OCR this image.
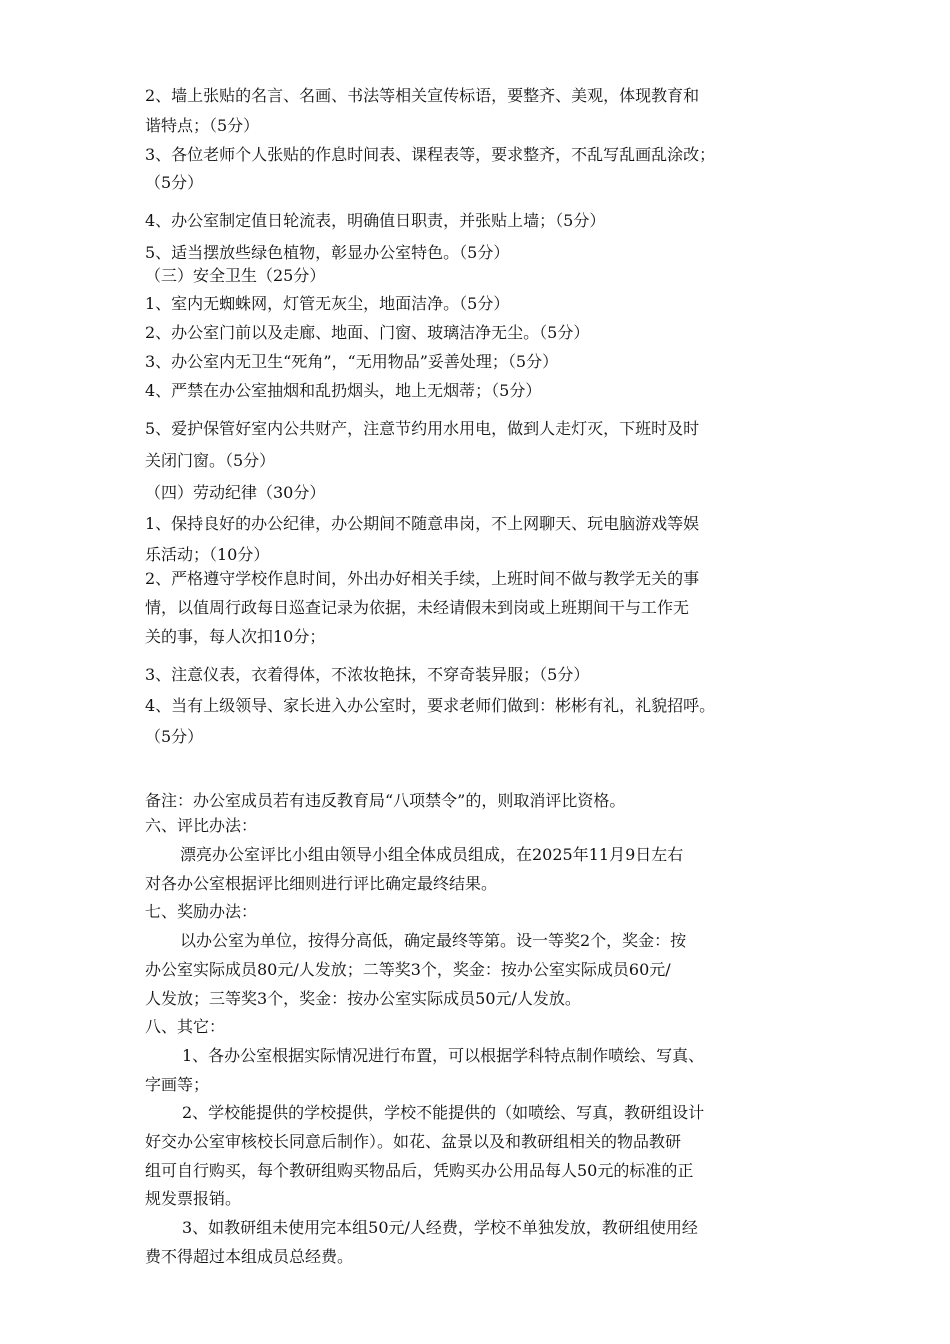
2、墙上张贴的名言、名画、书法等相关宣传标语，要整齐、美观，体现教育和
谐特点；（5分）
3、各位老师个人张贴的作息时间表、课程表等，要求整齐，不乱写乱画乱涂改；
（5分）
4、办公室制定值日轮流表，明确值日职责，并张贴上墙；（5分）
5、适当摆放些绿色植物，彰显办公室特色。（5分）
（三）安全卫生（25分）
1、室内无蜘蛛网，灯管无灰尘，地面洁净。（5分）
2、办公室门前以及走廊、地面、门窗、玻璃洁净无尘。（5分）
3、办公室内无卫生“死角”，“无用物品”妥善处理；（5分）
4、严禁在办公室抽烟和乱扔烟头，地上无烟蒂；（5分）
5、爱护保管好室内公共财产，注意节约用水用电，做到人走灯灭，下班时及时
关闭门窗。（5分）
（四）劳动纪律（30分）
1、保持良好的办公纪律，办公期间不随意串岗，不上网聊天、玩电脑游戏等娱
乐活动；（10分）
2、严格遵守学校作息时间，外出办好相关手续，上班时间不做与教学无关的事
情，以值周行政每日巡查记录为依据，未经请假未到岗或上班期间干与工作无
关的事，每人次扣10分；
3、注意仪表，衣着得体，不浓妆艳抹，不穿奇装异服；（5分）
4、当有上级领导、家长进入办公室时，要求老师们做到：彬彬有礼，礼貌招呼。
（5分）
备注：办公室成员若有违反教育局“八项禁令”的，则取消评比资格。
六、评比办法：
漂亮办公室评比小组由领导小组全体成员组成，在2025年11月9日左右
对各办公室根据评比细则进行评比确定最终结果。
七、奖励办法：
以办公室为单位，按得分高低，确定最终等第。设一等奖2个，奖金：按
办公室实际成员80元/人发放；二等奖3个，奖金：按办公室实际成员60元/
人发放；三等奖3个，奖金：按办公室实际成员50元/人发放。
八、其它：
1、各办公室根据实际情况进行布置，可以根据学科特点制作喷绘、写真、
字画等；
2、学校能提供的学校提供，学校不能提供的（如喷绘、写真，教研组设计
好交办公室审核校长同意后制作）。如花、盆景以及和教研组相关的物品教研
组可自行购买，每个教研组购买物品后，凭购买办公用品每人50元的标准的正
规发票报销。
3、如教研组未使用完本组50元/人经费，学校不单独发放，教研组使用经
费不得超过本组成员总经费。
